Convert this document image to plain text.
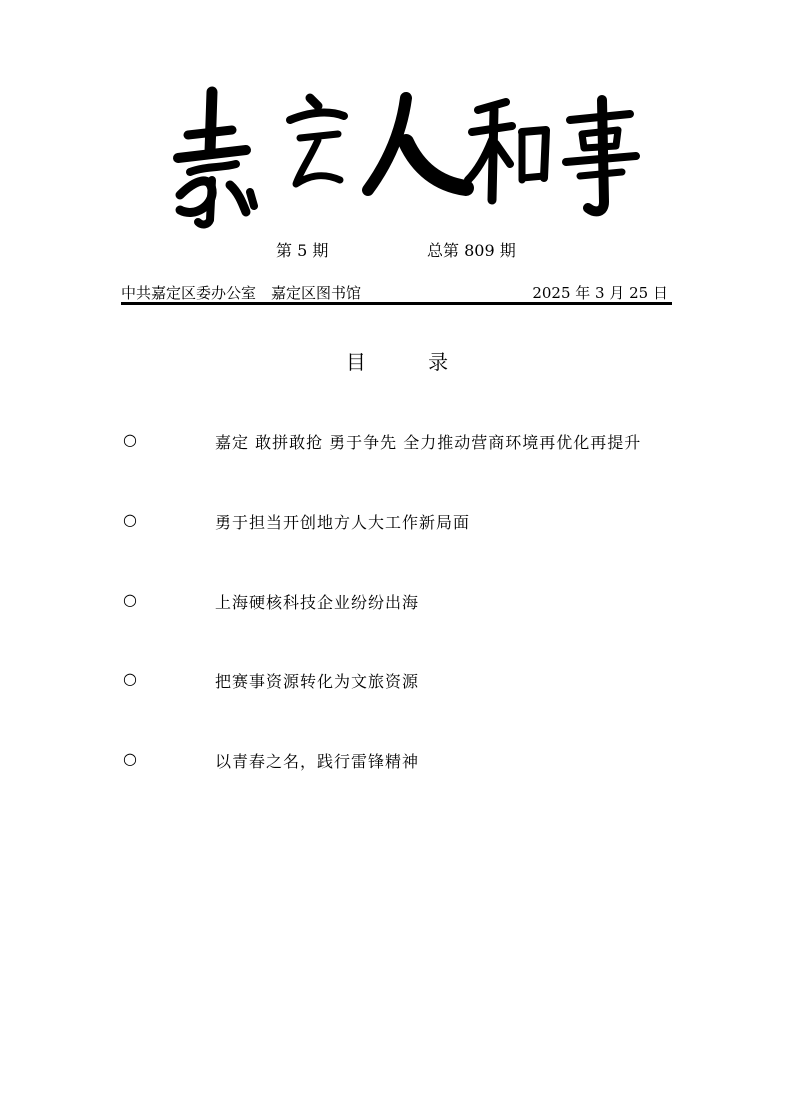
第 5 期	总第 809 期
中共嘉定区委办公室　嘉定区图书馆	2025 年 3 月 25 日
目 录
○	嘉定 敢拼敢抢 勇于争先 全力推动营商环境再优化再提升
○	勇于担当开创地方人大工作新局面
○	上海硬核科技企业纷纷出海
○	把赛事资源转化为文旅资源
○	以青春之名，践行雷锋精神
